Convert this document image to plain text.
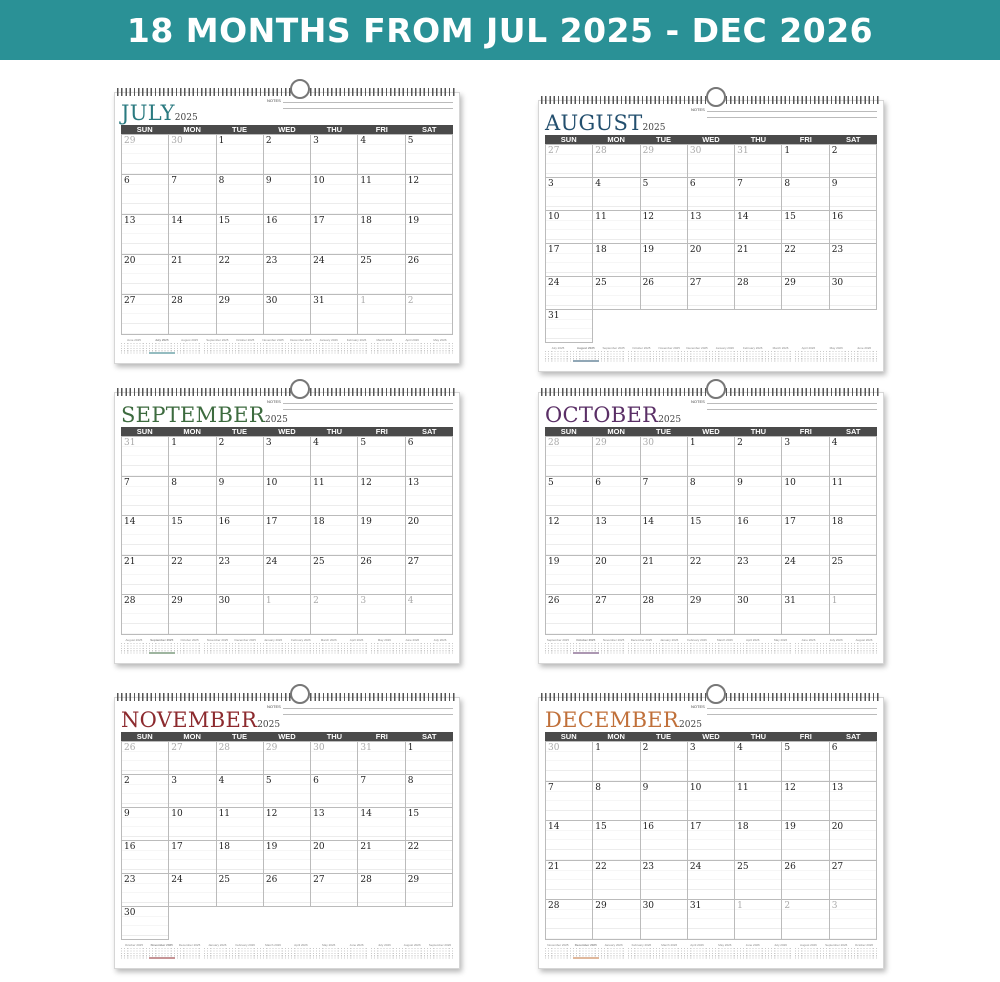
18 MONTHS FROM JUL 2025 - DEC 2026
NOTES
JULY2025
SUN	MON	TUE	WED	THU	FRI	SAT
29	30	1	2	3	4	5
6	7	8	9	10	11	12
13	14	15	16	17	18	19
20	21	22	23	24	25	26
27	28	29	30	31	1	2
June 2025	July 2025	August 2025	September 2025	October 2025	November 2025	December 2025	January 2026	February 2026	March 2026	April 2026	May 2026
NOTES
AUGUST2025
SUN	MON	TUE	WED	THU	FRI	SAT
27	28	29	30	31	1	2
3	4	5	6	7	8	9
10	11	12	13	14	15	16
17	18	19	20	21	22	23
24	25	26	27	28	29	30
31
July 2025	August 2025	September 2025	October 2025	November 2025	December 2025	January 2026	February 2026	March 2026	April 2026	May 2026	June 2026
NOTES
SEPTEMBER2025
SUN	MON	TUE	WED	THU	FRI	SAT
31	1	2	3	4	5	6
7	8	9	10	11	12	13
14	15	16	17	18	19	20
21	22	23	24	25	26	27
28	29	30	1	2	3	4
August 2025	September 2025	October 2025	November 2025	December 2025	January 2026	February 2026	March 2026	April 2026	May 2026	June 2026	July 2026
NOTES
OCTOBER2025
SUN	MON	TUE	WED	THU	FRI	SAT
28	29	30	1	2	3	4
5	6	7	8	9	10	11
12	13	14	15	16	17	18
19	20	21	22	23	24	25
26	27	28	29	30	31	1
September 2025	October 2025	November 2025	December 2025	January 2026	February 2026	March 2026	April 2026	May 2026	June 2026	July 2026	August 2026
NOTES
NOVEMBER2025
SUN	MON	TUE	WED	THU	FRI	SAT
26	27	28	29	30	31	1
2	3	4	5	6	7	8
9	10	11	12	13	14	15
16	17	18	19	20	21	22
23	24	25	26	27	28	29
30
October 2025	November 2025	December 2025	January 2026	February 2026	March 2026	April 2026	May 2026	June 2026	July 2026	August 2026	September 2026
NOTES
DECEMBER2025
SUN	MON	TUE	WED	THU	FRI	SAT
30	1	2	3	4	5	6
7	8	9	10	11	12	13
14	15	16	17	18	19	20
21	22	23	24	25	26	27
28	29	30	31	1	2	3
November 2025	December 2025	January 2026	February 2026	March 2026	April 2026	May 2026	June 2026	July 2026	August 2026	September 2026	October 2026
